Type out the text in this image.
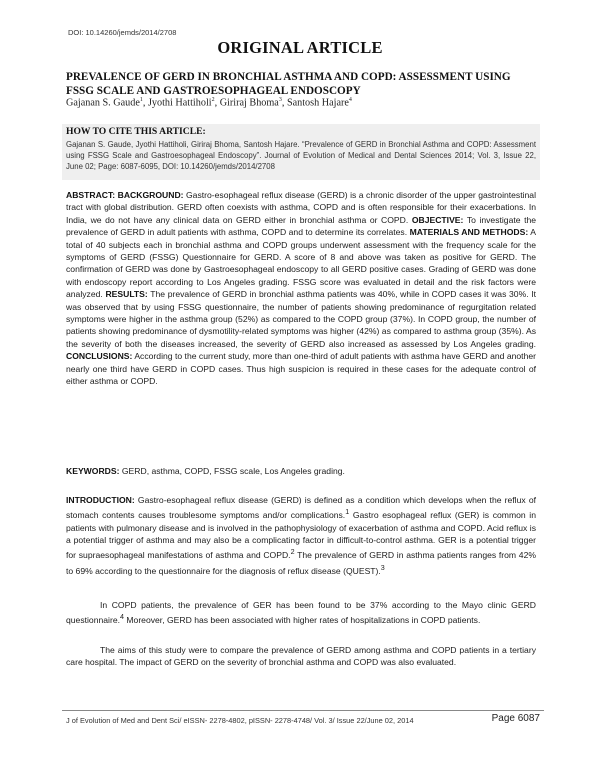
DOI: 10.14260/jemds/2014/2708
ORIGINAL ARTICLE
PREVALENCE OF GERD IN BRONCHIAL ASTHMA AND COPD: ASSESSMENT USING FSSG SCALE AND GASTROESOPHAGEAL ENDOSCOPY
Gajanan S. Gaude$^1$, Jyothi Hattiholi$^2$, Giriraj Bhoma$^3$, Santosh Hajare$^4$
HOW TO CITE THIS ARTICLE:
Gajanan S. Gaude, Jyothi Hattiholi, Giriraj Bhoma, Santosh Hajare. “Prevalence of GERD in Bronchial Asthma and COPD: Assessment using FSSG Scale and Gastroesophageal Endoscopy”. Journal of Evolution of Medical and Dental Sciences 2014; Vol. 3, Issue 22, June 02; Page: 6087-6095, DOI: 10.14260/jemds/2014/2708

ABSTRACT: BACKGROUND: Gastro-esophageal reflux disease (GERD) is a chronic disorder of the upper gastrointestinal tract with global distribution. GERD often coexists with asthma, COPD and is often responsible for their exacerbations. In India, we do not have any clinical data on GERD either in bronchial asthma or COPD. OBJECTIVE: To investigate the prevalence of GERD in adult patients with asthma, COPD and to determine its correlates. MATERIALS AND METHODS: A total of 40 subjects each in bronchial asthma and COPD groups underwent assessment with the frequency scale for the symptoms of GERD (FSSG) Questionnaire for GERD. A score of 8 and above was taken as positive for GERD. The confirmation of GERD was done by Gastroesophageal endoscopy to all GERD positive cases. Grading of GERD was done with endoscopy report according to Los Angeles grading. FSSG score was evaluated in detail and the risk factors were analyzed. RESULTS: The prevalence of GERD in bronchial asthma patients was 40%, while in COPD cases it was 30%. It was observed that by using FSSG questionnaire, the number of patients showing predominance of regurgitation related symptoms were higher in the asthma group (52%) as compared to the COPD group (37%). In COPD group, the number of patients showing predominance of dysmotility-related symptoms was higher (42%) as compared to asthma group (35%). As the severity of both the diseases increased, the severity of GERD also increased as assessed by Los Angeles grading. CONCLUSIONS: According to the current study, more than one-third of adult patients with asthma have GERD and another nearly one third have GERD in COPD cases. Thus high suspicion is required in these cases for the adequate control of either asthma or COPD.

KEYWORDS: GERD, asthma, COPD, FSSG scale, Los Angeles grading.

INTRODUCTION: Gastro-esophageal reflux disease (GERD) is defined as a condition which develops when the reflux of stomach contents causes troublesome symptoms and/or complications.$^1$ Gastro esophageal reflux (GER) is common in patients with pulmonary disease and is involved in the pathophysiology of exacerbation of asthma and COPD. Acid reflux is a potential trigger of asthma and may also be a complicating factor in difficult-to-control asthma. GER is a potential trigger for supraesophageal manifestations of asthma and COPD.$^2$ The prevalence of GERD in asthma patients ranges from 42% to 69% according to the questionnaire for the diagnosis of reflux disease (QUEST).$^3$

In COPD patients, the prevalence of GER has been found to be 37% according to the Mayo clinic GERD questionnaire.$^4$ Moreover, GERD has been associated with higher rates of hospitalizations in COPD patients.

The aims of this study were to compare the prevalence of GERD among asthma and COPD patients in a tertiary care hospital. The impact of GERD on the severity of bronchial asthma and COPD was also evaluated.

J of Evolution of Med and Dent Sci/ eISSN- 2278-4802, pISSN- 2278-4748/ Vol. 3/ Issue 22/June 02, 2014	Page 6087
